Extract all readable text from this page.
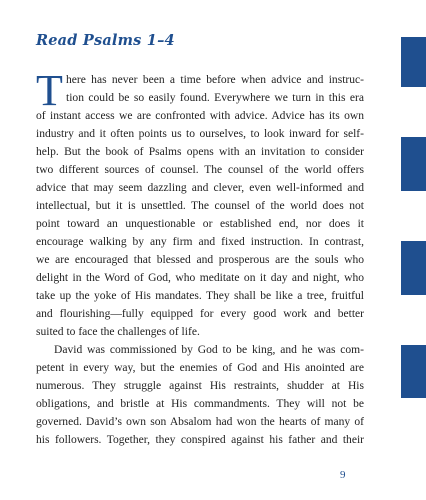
Read Psalms 1–4
T here has never been a time before when advice and instruc-
tion could be so easily found. Everywhere we turn in this era
of instant access we are confronted with advice. Advice has its own
industry and it often points us to ourselves, to look inward for self-
help. But the book of Psalms opens with an invitation to consider
two different sources of counsel. The counsel of the world offers
advice that may seem dazzling and clever, even well-informed and
intellectual, but it is unsettled. The counsel of the world does not
point toward an unquestionable or established end, nor does it
encourage walking by any firm and fixed instruction. In contrast,
we are encouraged that blessed and prosperous are the souls who
delight in the Word of God, who meditate on it day and night, who
take up the yoke of His mandates. They shall be like a tree, fruitful
and flourishing—fully equipped for every good work and better
suited to face the challenges of life.
David was commissioned by God to be king, and he was com-
petent in every way, but the enemies of God and His anointed are
numerous. They struggle against His restraints, shudder at His
obligations, and bristle at His commandments. They will not be
governed. David’s own son Absalom had won the hearts of many of
his followers. Together, they conspired against his father and their
9
